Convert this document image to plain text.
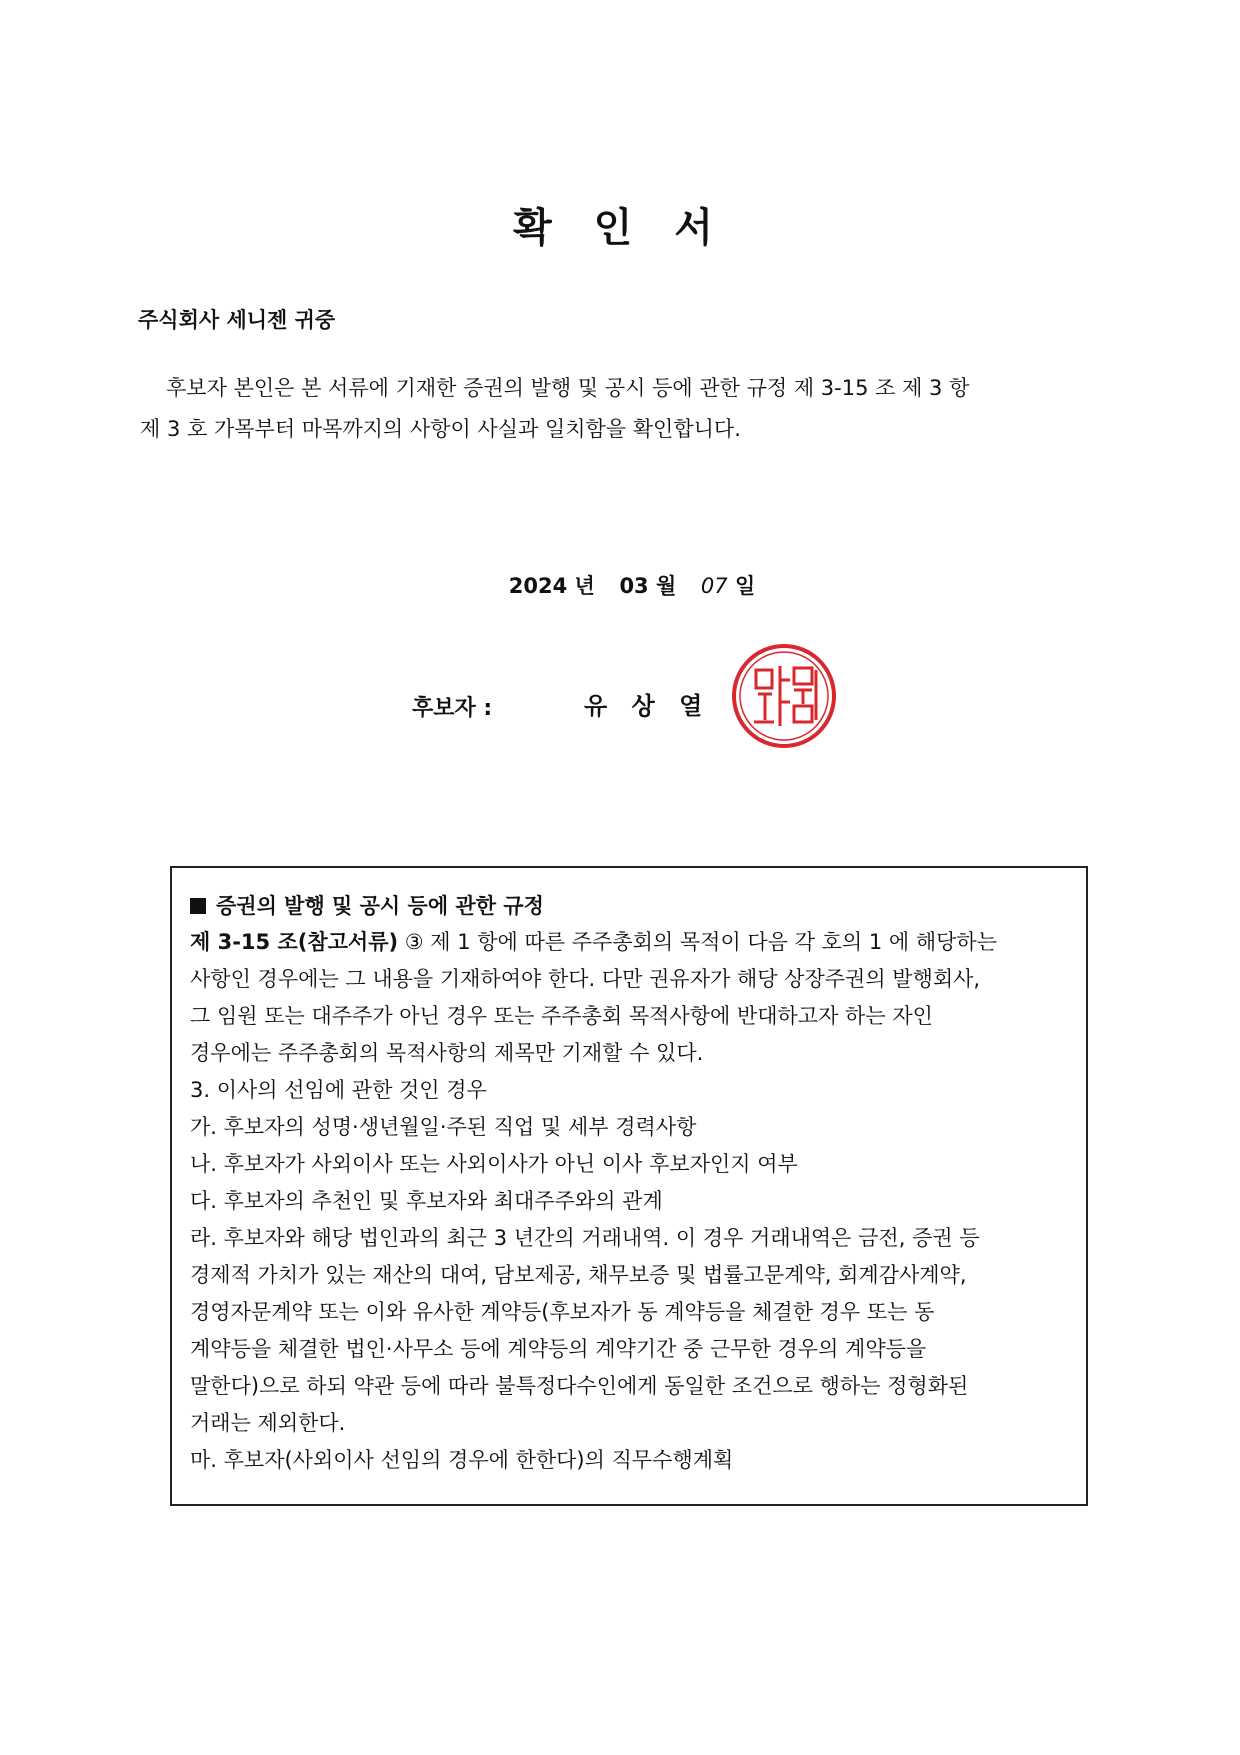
확 인 서
주식회사 세니젠 귀중
후보자 본인은 본 서류에 기재한 증권의 발행 및 공시 등에 관한 규정 제 3-15 조 제 3 항
제 3 호 가목부터 마목까지의 사항이 사실과 일치함을 확인합니다.
2024 년 03 월 07 일
후보자 :	유 상 열
증권의 발행 및 공시 등에 관한 규정
제 3-15 조(참고서류) ③ 제 1 항에 따른 주주총회의 목적이 다음 각 호의 1 에 해당하는
사항인 경우에는 그 내용을 기재하여야 한다. 다만 권유자가 해당 상장주권의 발행회사,
그 임원 또는 대주주가 아닌 경우 또는 주주총회 목적사항에 반대하고자 하는 자인
경우에는 주주총회의 목적사항의 제목만 기재할 수 있다.
3. 이사의 선임에 관한 것인 경우
가. 후보자의 성명·생년월일·주된 직업 및 세부 경력사항
나. 후보자가 사외이사 또는 사외이사가 아닌 이사 후보자인지 여부
다. 후보자의 추천인 및 후보자와 최대주주와의 관계
라. 후보자와 해당 법인과의 최근 3 년간의 거래내역. 이 경우 거래내역은 금전, 증권 등
경제적 가치가 있는 재산의 대여, 담보제공, 채무보증 및 법률고문계약, 회계감사계약,
경영자문계약 또는 이와 유사한 계약등(후보자가 동 계약등을 체결한 경우 또는 동
계약등을 체결한 법인·사무소 등에 계약등의 계약기간 중 근무한 경우의 계약등을
말한다)으로 하되 약관 등에 따라 불특정다수인에게 동일한 조건으로 행하는 정형화된
거래는 제외한다.
마. 후보자(사외이사 선임의 경우에 한한다)의 직무수행계획
